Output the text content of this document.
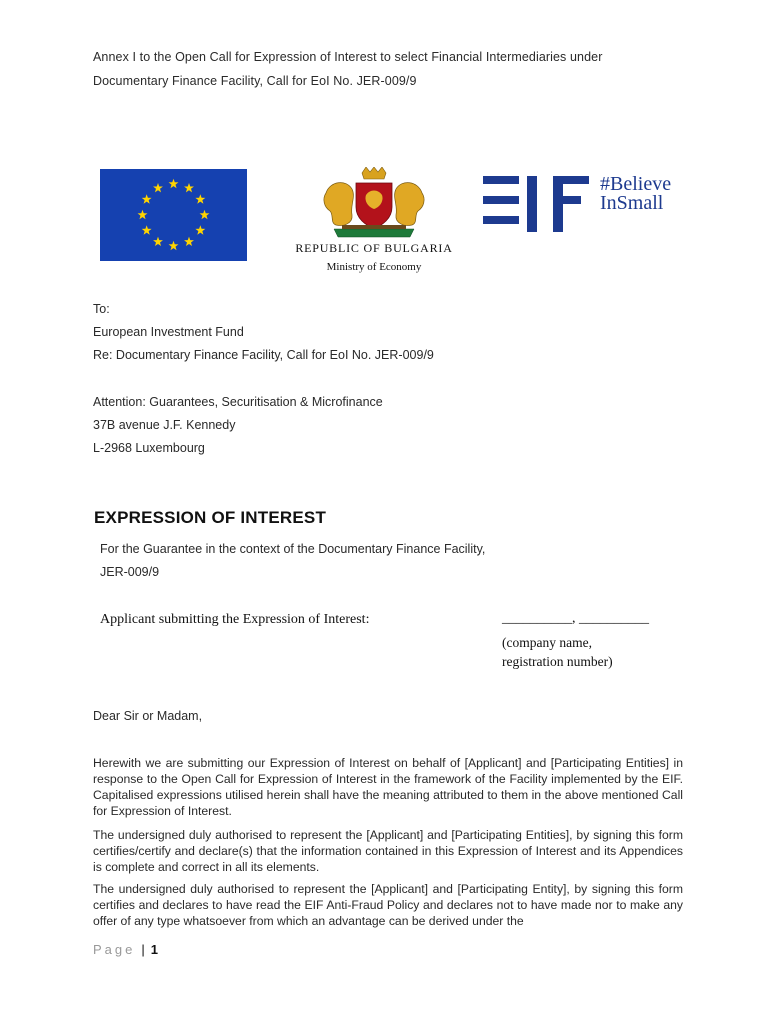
Annex I to the Open Call for Expression of Interest to select Financial Intermediaries under
Documentary Finance Facility, Call for EoI No. JER-009/9
REPUBLIC OF BULGARIA
Ministry of Economy
#Believe
InSmall
To:
European Investment Fund
Re: Documentary Finance Facility, Call for EoI No. JER-009/9
Attention: Guarantees, Securitisation & Microfinance
37B avenue J.F. Kennedy
L-2968 Luxembourg
EXPRESSION OF INTEREST
For the Guarantee in the context of the Documentary Finance Facility,
JER-009/9
Applicant submitting the Expression of Interest:	__________, __________
(company name,
registration number)
Dear Sir or Madam,
Herewith we are submitting our Expression of Interest on behalf of [Applicant] and [Participating Entities] in response to the Open Call for Expression of Interest in the framework of the Facility implemented by the EIF. Capitalised expressions utilised herein shall have the meaning attributed to them in the above mentioned Call for Expression of Interest.
The undersigned duly authorised to represent the [Applicant] and [Participating Entities], by signing this form certifies/certify and declare(s) that the information contained in this Expression of Interest and its Appendices is complete and correct in all its elements.
The undersigned duly authorised to represent the [Applicant] and [Participating Entity], by signing this form certifies and declares to have read the EIF Anti-Fraud Policy and declares not to have made nor to make any offer of any type whatsoever from which an advantage can be derived under the
Page | 1
